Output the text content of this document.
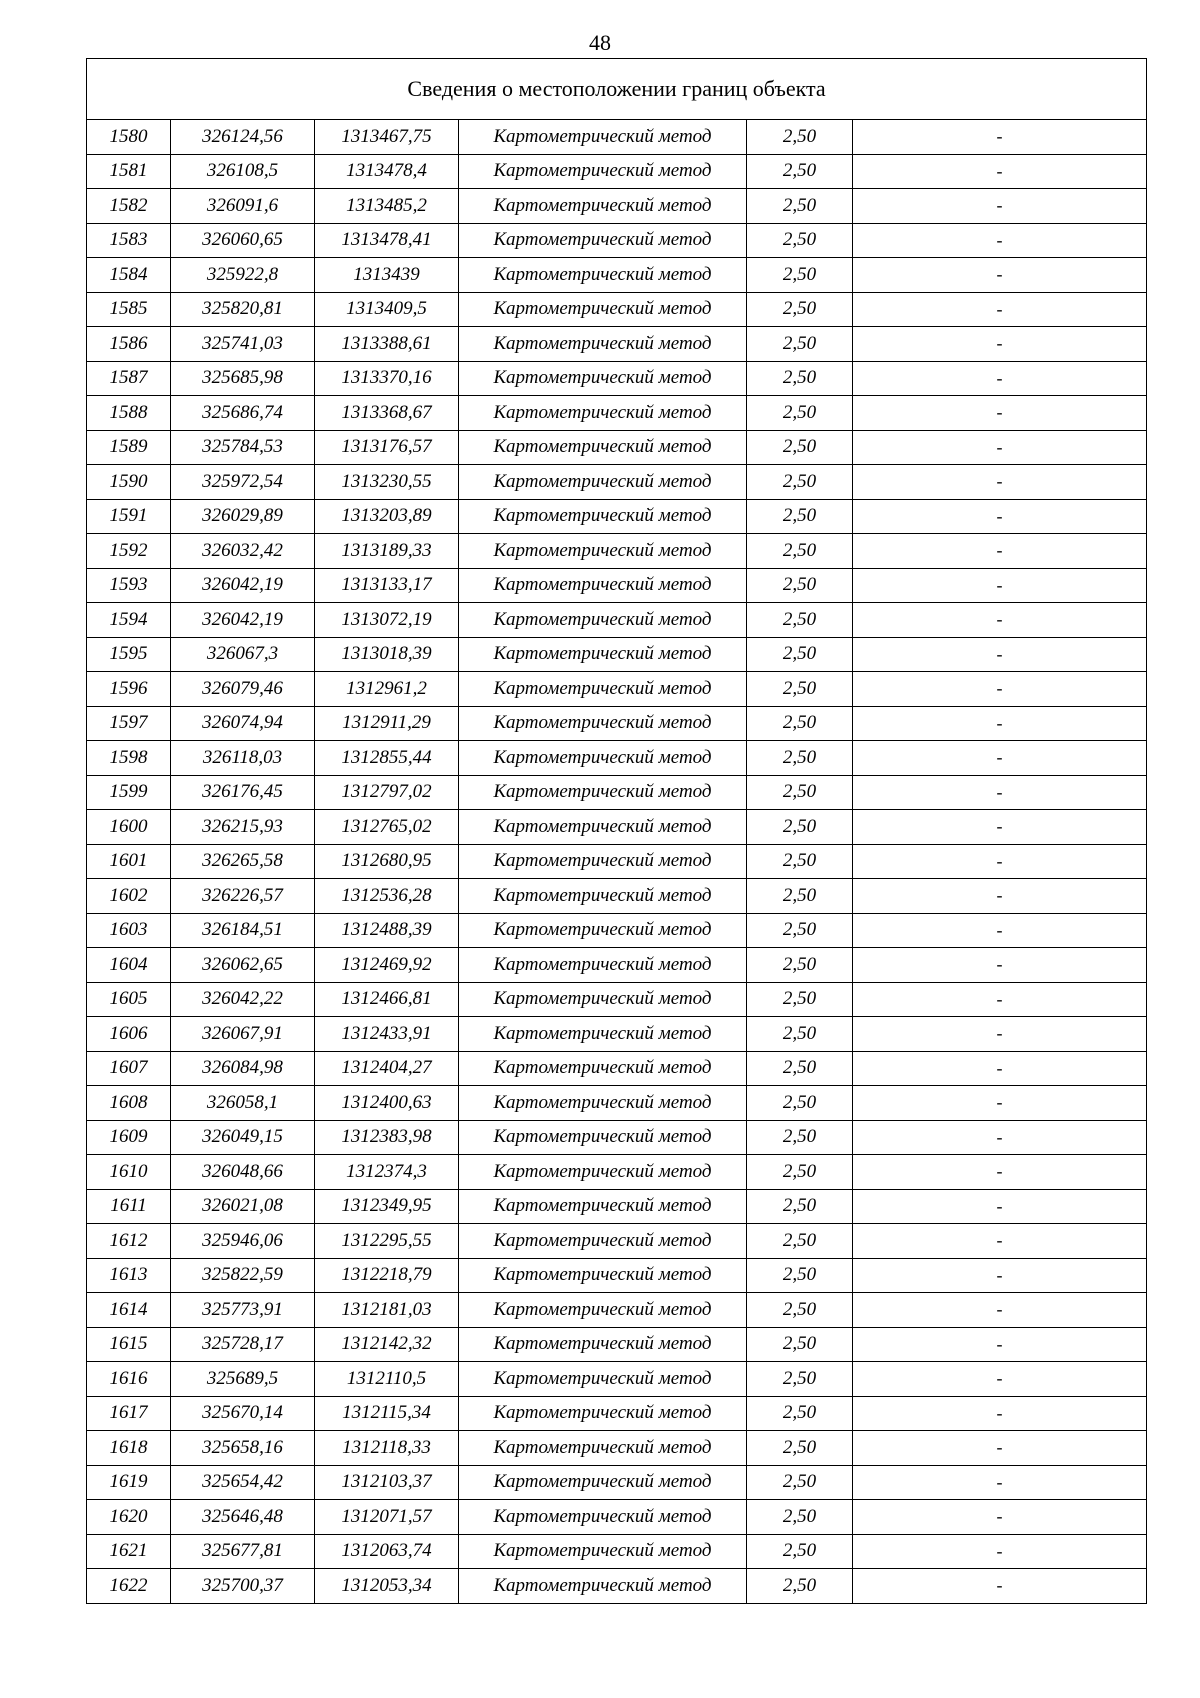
48
Сведения о местоположении границ объекта					
1580	326124,56	1313467,75	Картометрический метод	2,50	-
1581	326108,5	1313478,4	Картометрический метод	2,50	-
1582	326091,6	1313485,2	Картометрический метод	2,50	-
1583	326060,65	1313478,41	Картометрический метод	2,50	-
1584	325922,8	1313439	Картометрический метод	2,50	-
1585	325820,81	1313409,5	Картометрический метод	2,50	-
1586	325741,03	1313388,61	Картометрический метод	2,50	-
1587	325685,98	1313370,16	Картометрический метод	2,50	-
1588	325686,74	1313368,67	Картометрический метод	2,50	-
1589	325784,53	1313176,57	Картометрический метод	2,50	-
1590	325972,54	1313230,55	Картометрический метод	2,50	-
1591	326029,89	1313203,89	Картометрический метод	2,50	-
1592	326032,42	1313189,33	Картометрический метод	2,50	-
1593	326042,19	1313133,17	Картометрический метод	2,50	-
1594	326042,19	1313072,19	Картометрический метод	2,50	-
1595	326067,3	1313018,39	Картометрический метод	2,50	-
1596	326079,46	1312961,2	Картометрический метод	2,50	-
1597	326074,94	1312911,29	Картометрический метод	2,50	-
1598	326118,03	1312855,44	Картометрический метод	2,50	-
1599	326176,45	1312797,02	Картометрический метод	2,50	-
1600	326215,93	1312765,02	Картометрический метод	2,50	-
1601	326265,58	1312680,95	Картометрический метод	2,50	-
1602	326226,57	1312536,28	Картометрический метод	2,50	-
1603	326184,51	1312488,39	Картометрический метод	2,50	-
1604	326062,65	1312469,92	Картометрический метод	2,50	-
1605	326042,22	1312466,81	Картометрический метод	2,50	-
1606	326067,91	1312433,91	Картометрический метод	2,50	-
1607	326084,98	1312404,27	Картометрический метод	2,50	-
1608	326058,1	1312400,63	Картометрический метод	2,50	-
1609	326049,15	1312383,98	Картометрический метод	2,50	-
1610	326048,66	1312374,3	Картометрический метод	2,50	-
1611	326021,08	1312349,95	Картометрический метод	2,50	-
1612	325946,06	1312295,55	Картометрический метод	2,50	-
1613	325822,59	1312218,79	Картометрический метод	2,50	-
1614	325773,91	1312181,03	Картометрический метод	2,50	-
1615	325728,17	1312142,32	Картометрический метод	2,50	-
1616	325689,5	1312110,5	Картометрический метод	2,50	-
1617	325670,14	1312115,34	Картометрический метод	2,50	-
1618	325658,16	1312118,33	Картометрический метод	2,50	-
1619	325654,42	1312103,37	Картометрический метод	2,50	-
1620	325646,48	1312071,57	Картометрический метод	2,50	-
1621	325677,81	1312063,74	Картометрический метод	2,50	-
1622	325700,37	1312053,34	Картометрический метод	2,50	-
